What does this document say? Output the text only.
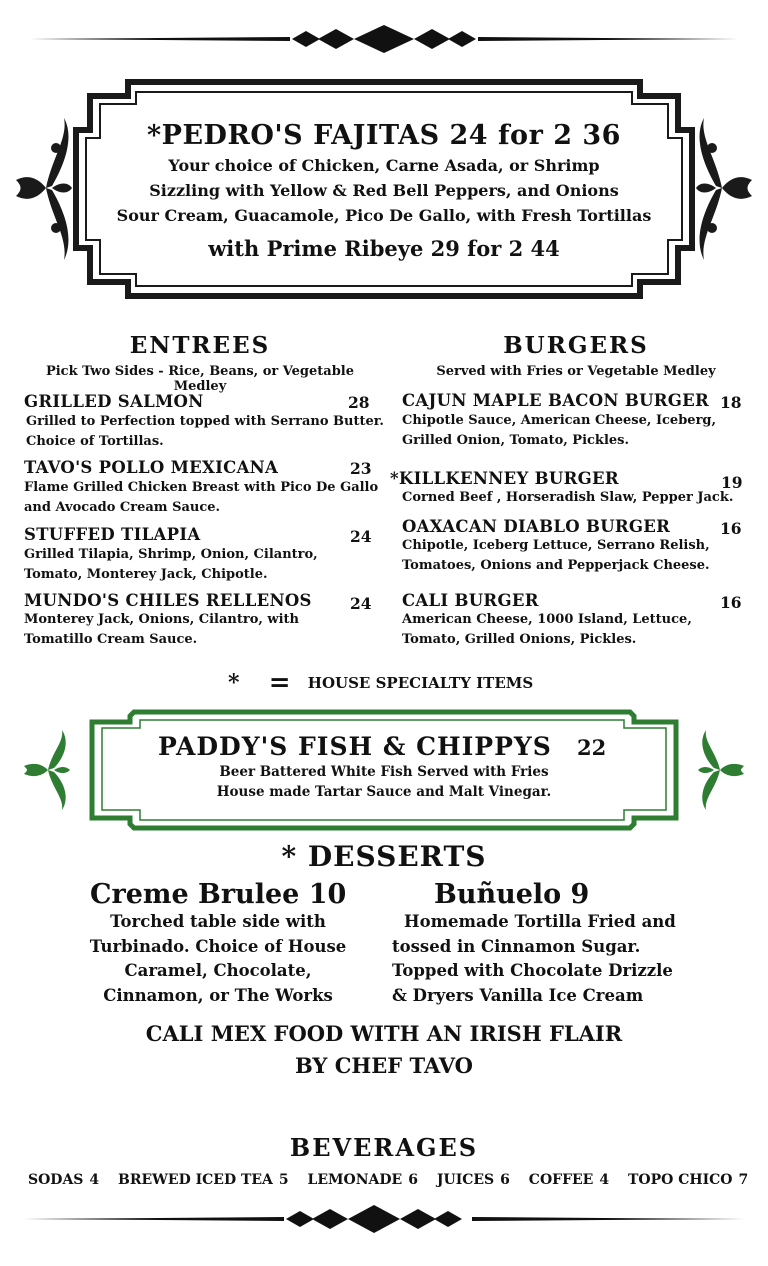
*PEDRO'S FAJITAS 24 for 2 36
Your choice of Chicken, Carne Asada, or Shrimp
Sizzling with Yellow & Red Bell Peppers, and Onions
Sour Cream, Guacamole, Pico De Gallo, with Fresh Tortillas
with Prime Ribeye 29 for 2 44
ENTREES
Pick Two Sides - Rice, Beans, or Vegetable Medley
GRILLED SALMON	28
Grilled to Perfection topped with Serrano Butter.
Choice of Tortillas.
TAVO'S POLLO MEXICANA	23
Flame Grilled Chicken Breast with Pico De Gallo
and Avocado Cream Sauce.
STUFFED TILAPIA	24
Grilled Tilapia, Shrimp, Onion, Cilantro,
Tomato, Monterey Jack, Chipotle.
MUNDO'S CHILES RELLENOS 24
Monterey Jack, Onions, Cilantro, with
Tomatillo Cream Sauce.
BURGERS
Served with Fries or Vegetable Medley
CAJUN MAPLE BACON BURGER 18
Chipotle Sauce, American Cheese, Iceberg,
Grilled Onion, Tomato, Pickles.
*KILLKENNEY BURGER	19
Corned Beef , Horseradish Slaw, Pepper Jack.
OAXACAN DIABLO BURGER	16
Chipotle, Iceberg Lettuce, Serrano Relish,
Tomatoes, Onions and Pepperjack Cheese.
CALI BURGER	16
American Cheese, 1000 Island, Lettuce,
Tomato, Grilled Onions, Pickles.
* = HOUSE SPECIALTY ITEMS
PADDY'S FISH & CHIPPYS 22
Beer Battered White Fish Served with Fries
House made Tartar Sauce and Malt Vinegar.
* DESSERTS
Creme Brulee 10
Torched table side with
Turbinado. Choice of House
Caramel, Chocolate,
Cinnamon, or The Works
Buñuelo 9
Homemade Tortilla Fried and
tossed in Cinnamon Sugar.
Topped with Chocolate Drizzle
& Dryers Vanilla Ice Cream
CALI MEX FOOD WITH AN IRISH FLAIR
BY CHEF TAVO
BEVERAGES
SODAS 4 BREWED ICED TEA 5 LEMONADE 6 JUICES 6 COFFEE 4 TOPO CHICO 7
